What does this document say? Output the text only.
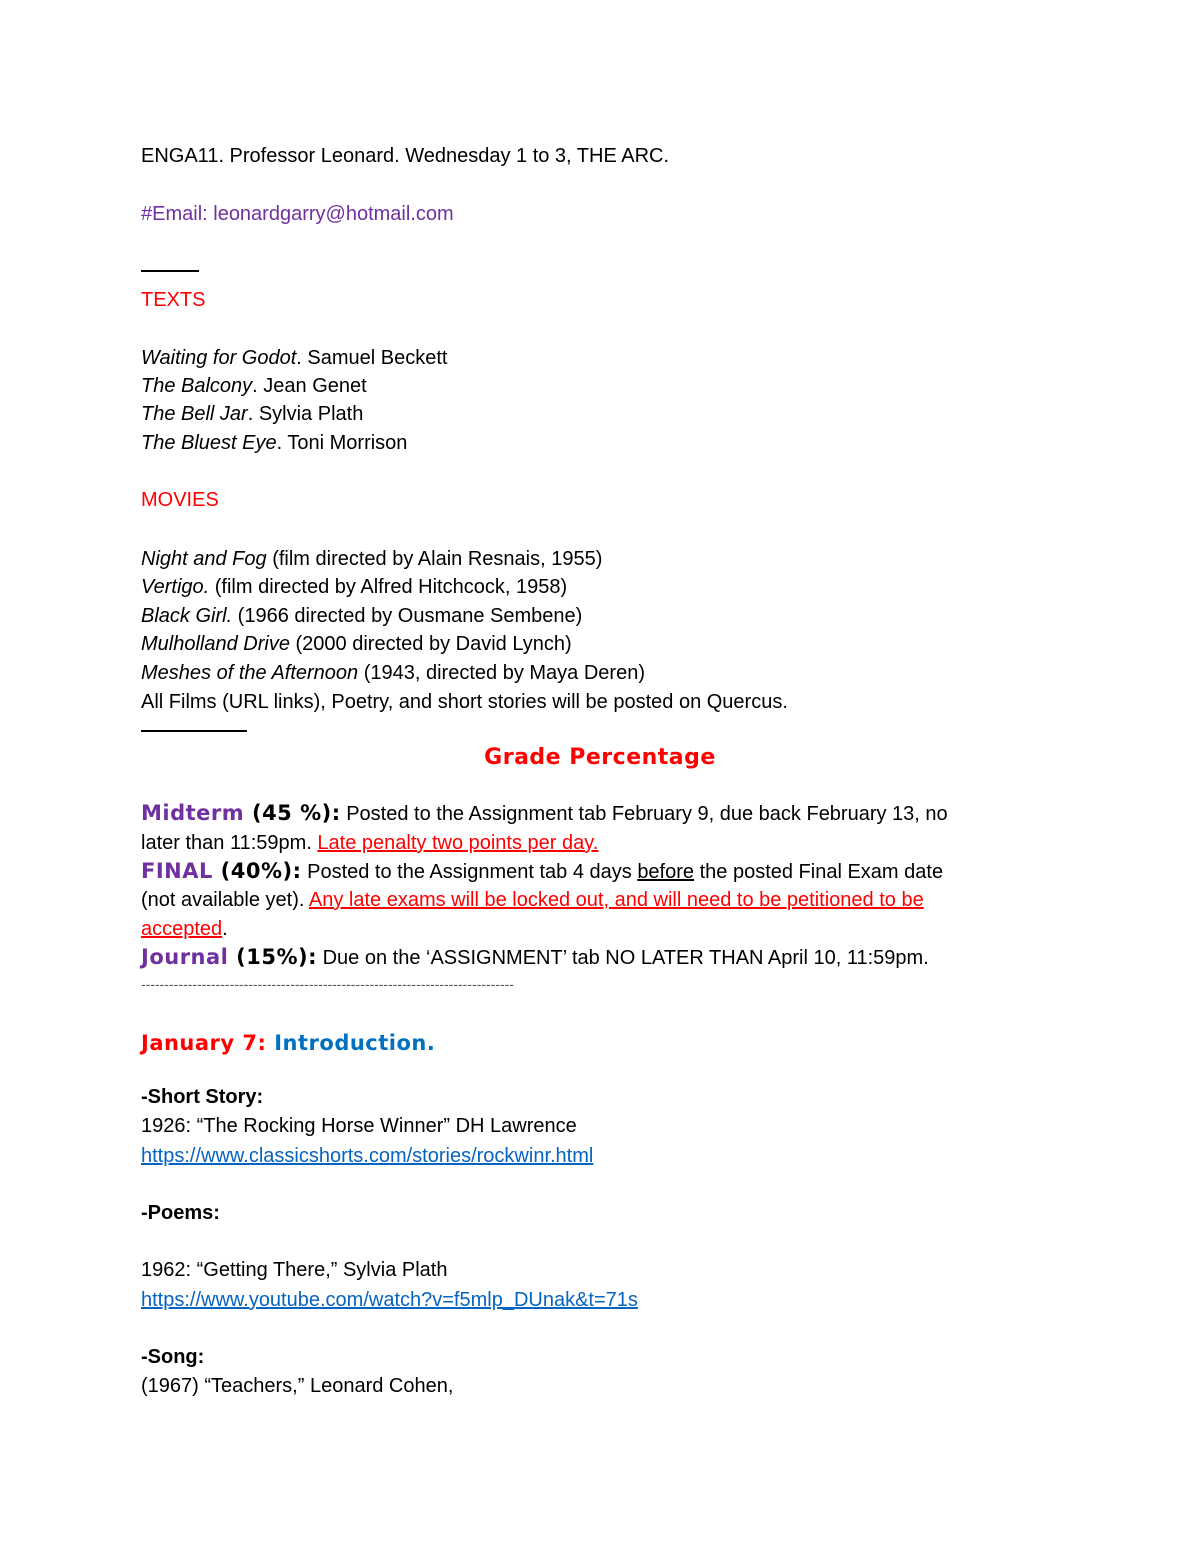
ENGA11. Professor Leonard. Wednesday 1 to 3, THE ARC.
#Email: leonardgarry@hotmail.com
TEXTS
Waiting for Godot. Samuel Beckett
The Balcony. Jean Genet
The Bell Jar. Sylvia Plath
The Bluest Eye. Toni Morrison
MOVIES
Night and Fog (film directed by Alain Resnais, 1955)
Vertigo. (film directed by Alfred Hitchcock, 1958)
Black Girl. (1966 directed by Ousmane Sembene)
Mulholland Drive (2000 directed by David Lynch)
Meshes of the Afternoon (1943, directed by Maya Deren)
All Films (URL links), Poetry, and short stories will be posted on Quercus.
Grade Percentage
Midterm (45 %): Posted to the Assignment tab February 9, due back February 13, no
later than 11:59pm. Late penalty two points per day.
FINAL (40%): Posted to the Assignment tab 4 days before the posted Final Exam date
(not available yet). Any late exams will be locked out, and will need to be petitioned to be
accepted.
Journal (15%): Due on the ‘ASSIGNMENT’ tab NO LATER THAN April 10, 11:59pm.
--------------------------------------------------------------------------------
January 7: Introduction.
-Short Story:
1926: “The Rocking Horse Winner” DH Lawrence
https://www.classicshorts.com/stories/rockwinr.html
-Poems:
1962: “Getting There,” Sylvia Plath
https://www.youtube.com/watch?v=f5mlp_DUnak&t=71s
-Song:
(1967) “Teachers,” Leonard Cohen,
